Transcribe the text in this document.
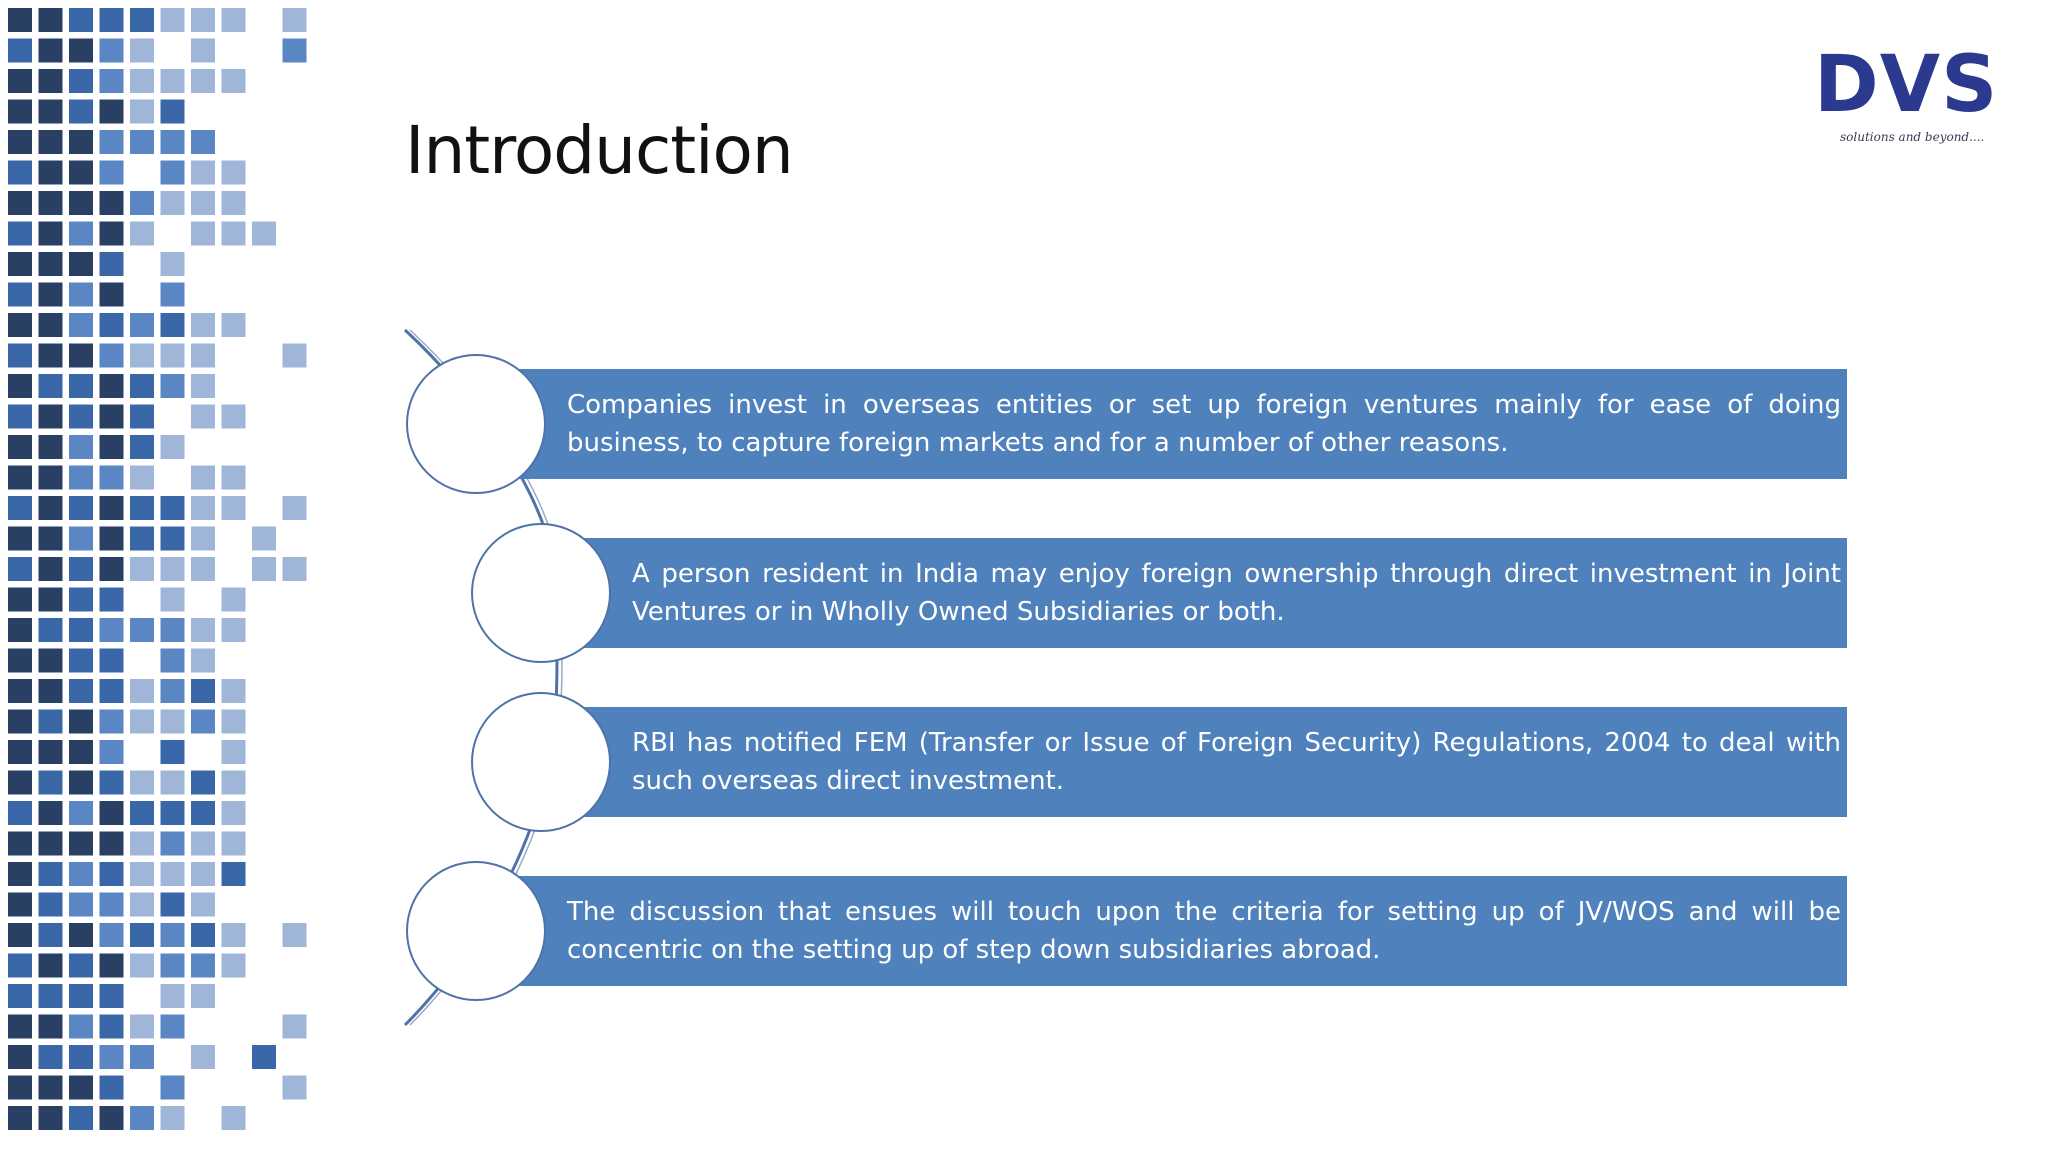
Introduction
DVS
solutions and beyond....
Companies invest in overseas entities or set up foreign ventures mainly for ease of doing business, to capture foreign markets and for a number of other reasons.
A person resident in India may enjoy foreign ownership through direct investment in Joint Ventures or in Wholly Owned Subsidiaries or both.
RBI has notified FEM (Transfer or Issue of Foreign Security) Regulations, 2004 to deal with such overseas direct investment.
The discussion that ensues will touch upon the criteria for setting up of JV/WOS and will be concentric on the setting up of step down subsidiaries abroad.
